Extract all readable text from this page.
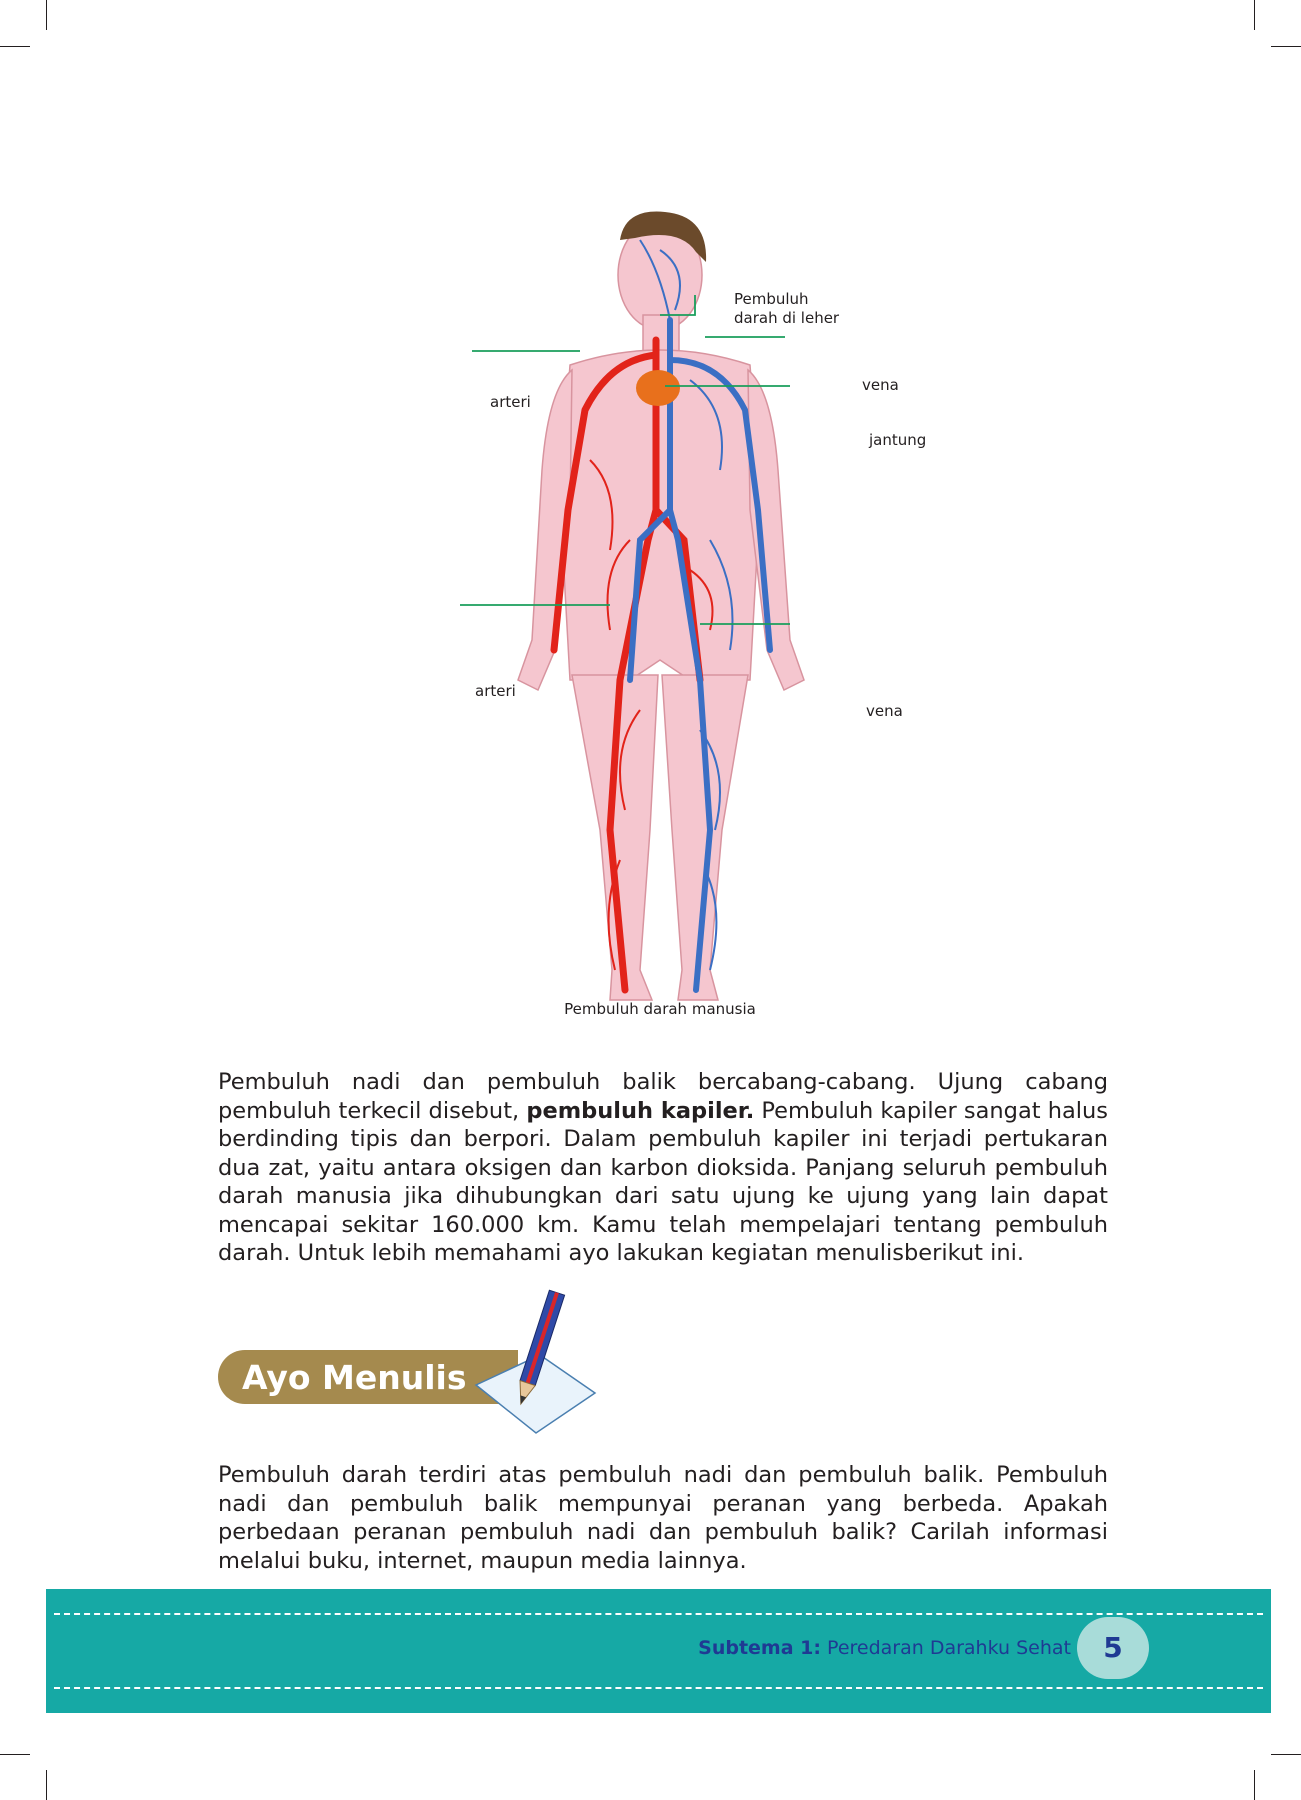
Pembuluh
darah di leher
arteri
vena
jantung
arteri
vena
Pembuluh darah manusia

Pembuluh nadi dan pembuluh balik bercabang-cabang. Ujung cabang pembuluh terkecil disebut, pembuluh kapiler. Pembuluh kapiler sangat halus berdinding tipis dan berpori. Dalam pembuluh kapiler ini terjadi pertukaran dua zat, yaitu antara oksigen dan karbon dioksida. Panjang seluruh pembuluh darah manusia jika dihubungkan dari satu ujung ke ujung yang lain dapat mencapai sekitar 160.000 km. Kamu telah mempelajari tentang pembuluh darah. Untuk lebih memahami ayo lakukan kegiatan menulisberikut ini.

Ayo Menulis

Pembuluh darah terdiri atas pembuluh nadi dan pembuluh balik. Pembuluh nadi dan pembuluh balik mempunyai peranan yang berbeda. Apakah perbedaan peranan pembuluh nadi dan pembuluh balik? Carilah informasi melalui buku, internet, maupun media lainnya.

Subtema 1: Peredaran Darahku Sehat	5
